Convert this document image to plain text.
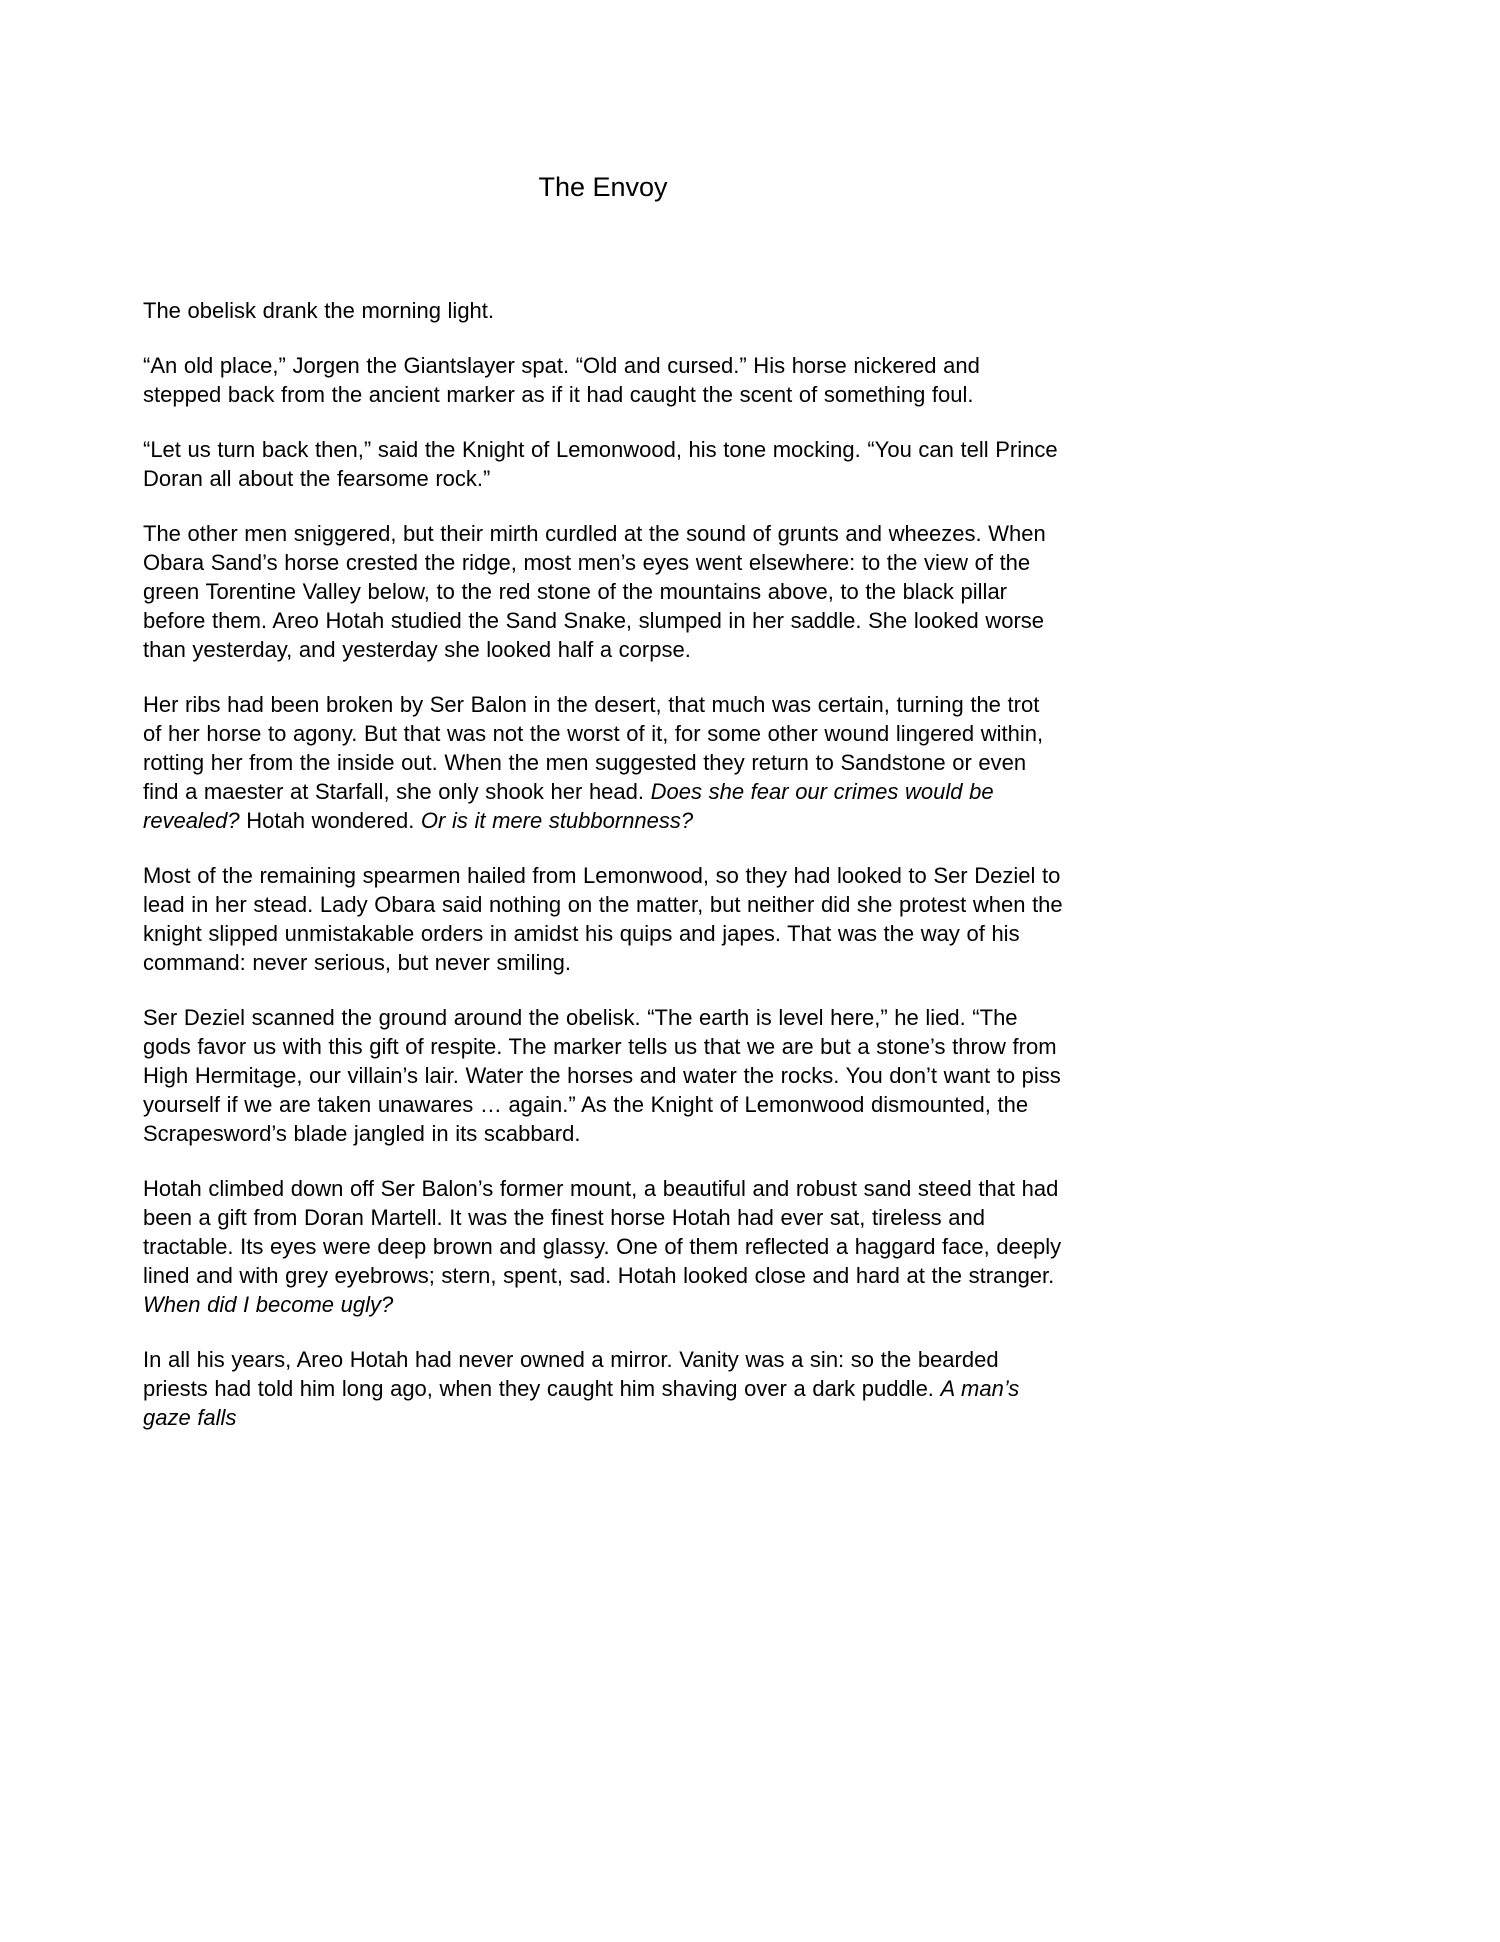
The Envoy

The obelisk drank the morning light.

“An old place,” Jorgen the Giantslayer spat. “Old and cursed.” His horse nickered and stepped back from the ancient marker as if it had caught the scent of something foul.

“Let us turn back then,” said the Knight of Lemonwood, his tone mocking. “You can tell Prince Doran all about the fearsome rock.”

The other men sniggered, but their mirth curdled at the sound of grunts and wheezes. When Obara Sand’s horse crested the ridge, most men’s eyes went elsewhere: to the view of the green Torentine Valley below, to the red stone of the mountains above, to the black pillar before them. Areo Hotah studied the Sand Snake, slumped in her saddle. She looked worse than yesterday, and yesterday she looked half a corpse.

Her ribs had been broken by Ser Balon in the desert, that much was certain, turning the trot of her horse to agony. But that was not the worst of it, for some other wound lingered within, rotting her from the inside out. When the men suggested they return to Sandstone or even find a maester at Starfall, she only shook her head. Does she fear our crimes would be revealed? Hotah wondered. Or is it mere stubbornness?

Most of the remaining spearmen hailed from Lemonwood, so they had looked to Ser Deziel to lead in her stead. Lady Obara said nothing on the matter, but neither did she protest when the knight slipped unmistakable orders in amidst his quips and japes. That was the way of his command: never serious, but never smiling.

Ser Deziel scanned the ground around the obelisk. “The earth is level here,” he lied. “The gods favor us with this gift of respite. The marker tells us that we are but a stone’s throw from High Hermitage, our villain’s lair. Water the horses and water the rocks. You don’t want to piss yourself if we are taken unawares … again.” As the Knight of Lemonwood dismounted, the Scrapesword’s blade jangled in its scabbard.

Hotah climbed down off Ser Balon’s former mount, a beautiful and robust sand steed that had been a gift from Doran Martell. It was the finest horse Hotah had ever sat, tireless and tractable. Its eyes were deep brown and glassy. One of them reflected a haggard face, deeply lined and with grey eyebrows; stern, spent, sad. Hotah looked close and hard at the stranger. When did I become ugly?

In all his years, Areo Hotah had never owned a mirror. Vanity was a sin: so the bearded priests had told him long ago, when they caught him shaving over a dark puddle. A man’s gaze falls
